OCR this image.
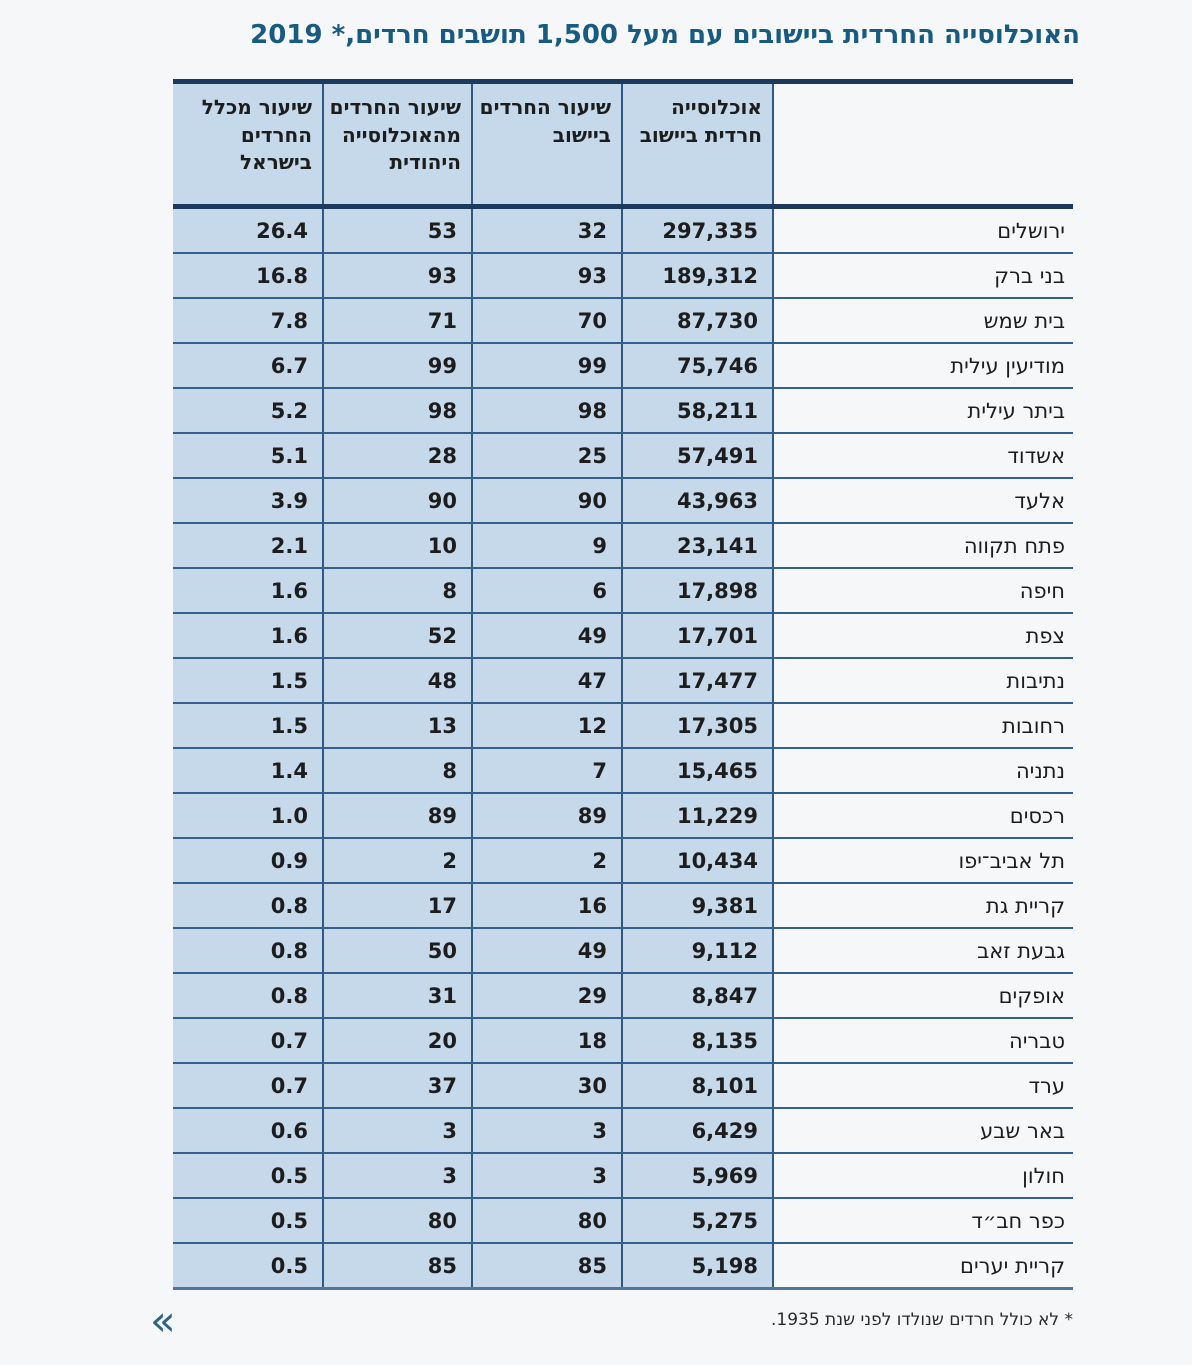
האוכלוסייה החרדית ביישובים עם מעל 1,500 תושבים חרדים,* 2019
	אוכלוסייה חרדית ביישוב	שיעור החרדים ביישוב	שיעור החרדים מהאוכלוסייה היהודית	שיעור מכלל החרדים בישראל
ירושלים	297,335	32	53	26.4
בני ברק	189,312	93	93	16.8
בית שמש	87,730	70	71	7.8
מודיעין עילית	75,746	99	99	6.7
ביתר עילית	58,211	98	98	5.2
אשדוד	57,491	25	28	5.1
אלעד	43,963	90	90	3.9
פתח תקווה	23,141	9	10	2.1
חיפה	17,898	6	8	1.6
צפת	17,701	49	52	1.6
נתיבות	17,477	47	48	1.5
רחובות	17,305	12	13	1.5
נתניה	15,465	7	8	1.4
רכסים	11,229	89	89	1.0
תל אביב־יפו	10,434	2	2	0.9
קריית גת	9,381	16	17	0.8
גבעת זאב	9,112	49	50	0.8
אופקים	8,847	29	31	0.8
טבריה	8,135	18	20	0.7
ערד	8,101	30	37	0.7
באר שבע	6,429	3	3	0.6
חולון	5,969	3	3	0.5
כפר חב״ד	5,275	80	80	0.5
קריית יערים	5,198	85	85	0.5
* לא כולל חרדים שנולדו לפני שנת 1935.
«
